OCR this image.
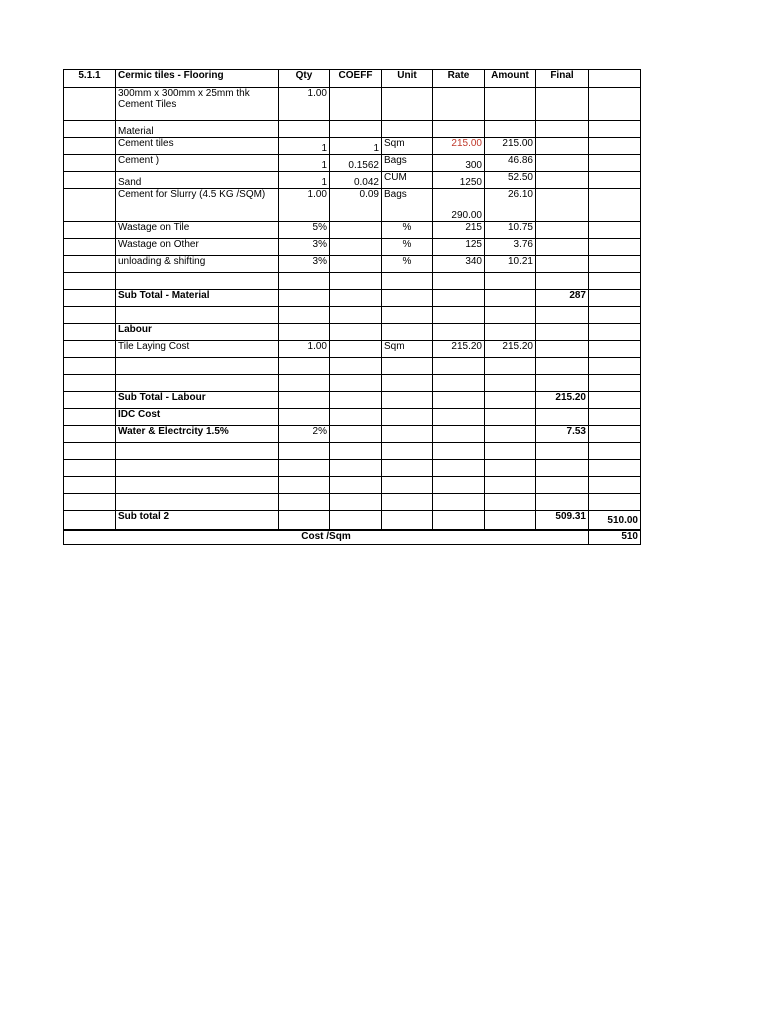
5.1.1	Cermic tiles - Flooring	Qty	COEFF	Unit	Rate	Amount	Final	
	300mm x 300mm x 25mm thk
Cement Tiles	1.00						
	Material							
	Cement tiles	1	1	Sqm	215.00	215.00		
	Cement )	1	0.1562	Bags	300	46.86		
	Sand	1	0.042	CUM	1250	52.50		
	Cement for Slurry (4.5 KG /SQM)	1.00	0.09	Bags	290.00	26.10		
	Wastage on Tile	5%		%	215	10.75		
	Wastage on Other	3%		%	125	3.76		
	unloading & shifting	3%		%	340	10.21		

	Sub Total - Material						287	

	Labour							
	Tile Laying Cost	1.00		Sqm	215.20	215.20		

	Sub Total - Labour						215.20	
	IDC Cost							
	Water & Electrcity 1.5%	2%					7.53	

	Sub total 2						509.31	510.00
Cost /Sqm								510
